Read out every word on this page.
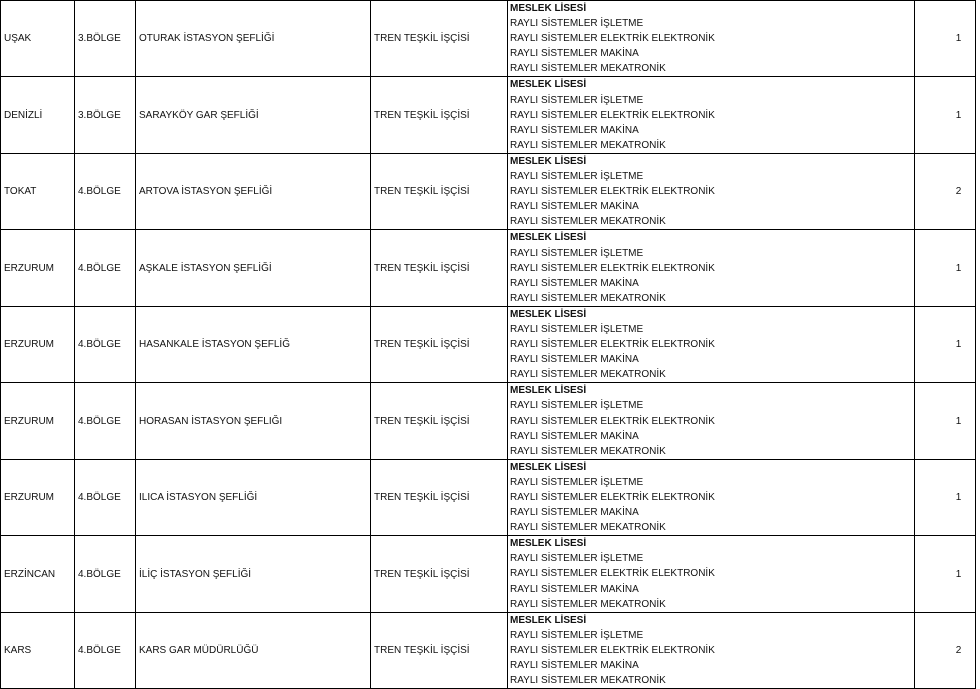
UŞAK	3.BÖLGE	OTURAK İSTASYON ŞEFLİĞİ	TREN TEŞKİL İŞÇİSİ	MESLEK LİSESİ
RAYLI SİSTEMLER İŞLETME
RAYLI SİSTEMLER ELEKTRİK ELEKTRONİK
RAYLI SİSTEMLER MAKİNA
RAYLI SİSTEMLER MEKATRONİK	1
DENİZLİ	3.BÖLGE	SARAYKÖY GAR ŞEFLİĞİ	TREN TEŞKİL İŞÇİSİ	MESLEK LİSESİ
RAYLI SİSTEMLER İŞLETME
RAYLI SİSTEMLER ELEKTRİK ELEKTRONİK
RAYLI SİSTEMLER MAKİNA
RAYLI SİSTEMLER MEKATRONİK	1
TOKAT	4.BÖLGE	ARTOVA İSTASYON ŞEFLİĞİ	TREN TEŞKİL İŞÇİSİ	MESLEK LİSESİ
RAYLI SİSTEMLER İŞLETME
RAYLI SİSTEMLER ELEKTRİK ELEKTRONİK
RAYLI SİSTEMLER MAKİNA
RAYLI SİSTEMLER MEKATRONİK	2
ERZURUM	4.BÖLGE	AŞKALE İSTASYON ŞEFLİĞİ	TREN TEŞKİL İŞÇİSİ	MESLEK LİSESİ
RAYLI SİSTEMLER İŞLETME
RAYLI SİSTEMLER ELEKTRİK ELEKTRONİK
RAYLI SİSTEMLER MAKİNA
RAYLI SİSTEMLER MEKATRONİK	1
ERZURUM	4.BÖLGE	HASANKALE İSTASYON ŞEFLİĞ	TREN TEŞKİL İŞÇİSİ	MESLEK LİSESİ
RAYLI SİSTEMLER İŞLETME
RAYLI SİSTEMLER ELEKTRİK ELEKTRONİK
RAYLI SİSTEMLER MAKİNA
RAYLI SİSTEMLER MEKATRONİK	1
ERZURUM	4.BÖLGE	HORASAN İSTASYON ŞEFLIĞI	TREN TEŞKİL İŞÇİSİ	MESLEK LİSESİ
RAYLI SİSTEMLER İŞLETME
RAYLI SİSTEMLER ELEKTRİK ELEKTRONİK
RAYLI SİSTEMLER MAKİNA
RAYLI SİSTEMLER MEKATRONİK	1
ERZURUM	4.BÖLGE	ILICA İSTASYON ŞEFLİĞİ	TREN TEŞKİL İŞÇİSİ	MESLEK LİSESİ
RAYLI SİSTEMLER İŞLETME
RAYLI SİSTEMLER ELEKTRİK ELEKTRONİK
RAYLI SİSTEMLER MAKİNA
RAYLI SİSTEMLER MEKATRONİK	1
ERZİNCAN	4.BÖLGE	İLİÇ İSTASYON ŞEFLİĞİ	TREN TEŞKİL İŞÇİSİ	MESLEK LİSESİ
RAYLI SİSTEMLER İŞLETME
RAYLI SİSTEMLER ELEKTRİK ELEKTRONİK
RAYLI SİSTEMLER MAKİNA
RAYLI SİSTEMLER MEKATRONİK	1
KARS	4.BÖLGE	KARS GAR MÜDÜRLÜĞÜ	TREN TEŞKİL İŞÇİSİ	MESLEK LİSESİ
RAYLI SİSTEMLER İŞLETME
RAYLI SİSTEMLER ELEKTRİK ELEKTRONİK
RAYLI SİSTEMLER MAKİNA
RAYLI SİSTEMLER MEKATRONİK	2
